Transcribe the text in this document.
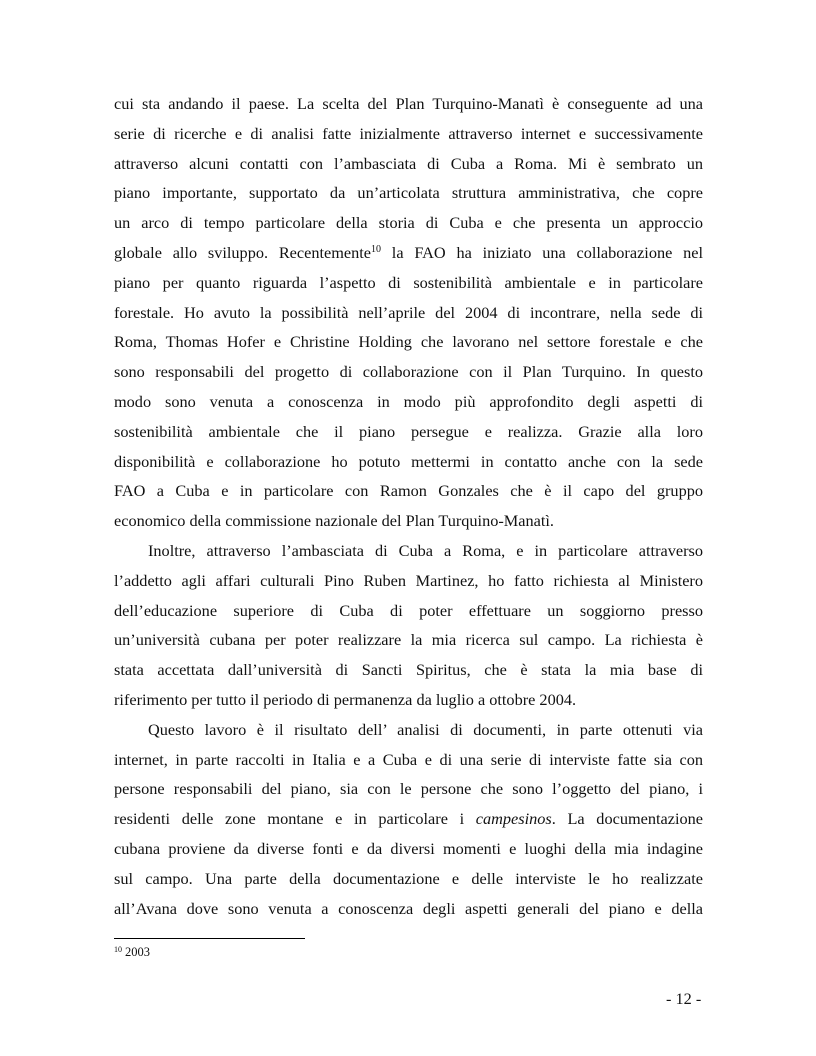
cui sta andando il paese. La scelta del Plan Turquino-Manatì è conseguente ad una
serie di ricerche e di analisi fatte inizialmente attraverso internet e successivamente
attraverso alcuni contatti con l’ambasciata di Cuba a Roma. Mi è sembrato un
piano importante, supportato da un’articolata struttura amministrativa, che copre
un arco di tempo particolare della storia di Cuba e che presenta un approccio
globale allo sviluppo. Recentemente$^{10}$ la FAO ha iniziato una collaborazione nel
piano per quanto riguarda l’aspetto di sostenibilità ambientale e in particolare
forestale. Ho avuto la possibilità nell’aprile del 2004 di incontrare, nella sede di
Roma, Thomas Hofer e Christine Holding che lavorano nel settore forestale e che
sono responsabili del progetto di collaborazione con il Plan Turquino. In questo
modo sono venuta a conoscenza in modo più approfondito degli aspetti di
sostenibilità ambientale che il piano persegue e realizza. Grazie alla loro
disponibilità e collaborazione ho potuto mettermi in contatto anche con la sede
FAO a Cuba e in particolare con Ramon Gonzales che è il capo del gruppo
economico della commissione nazionale del Plan Turquino-Manatì.
Inoltre, attraverso l’ambasciata di Cuba a Roma, e in particolare attraverso
l’addetto agli affari culturali Pino Ruben Martinez, ho fatto richiesta al Ministero
dell’educazione superiore di Cuba di poter effettuare un soggiorno presso
un’università cubana per poter realizzare la mia ricerca sul campo. La richiesta è
stata accettata dall’università di Sancti Spiritus, che è stata la mia base di
riferimento per tutto il periodo di permanenza da luglio a ottobre 2004.
Questo lavoro è il risultato dell’ analisi di documenti, in parte ottenuti via
internet, in parte raccolti in Italia e a Cuba e di una serie di interviste fatte sia con
persone responsabili del piano, sia con le persone che sono l’oggetto del piano, i
residenti delle zone montane e in particolare i campesinos. La documentazione
cubana proviene da diverse fonti e da diversi momenti e luoghi della mia indagine
sul campo. Una parte della documentazione e delle interviste le ho realizzate
all’Avana dove sono venuta a conoscenza degli aspetti generali del piano e della
$^{10}$ 2003
- 12 -
